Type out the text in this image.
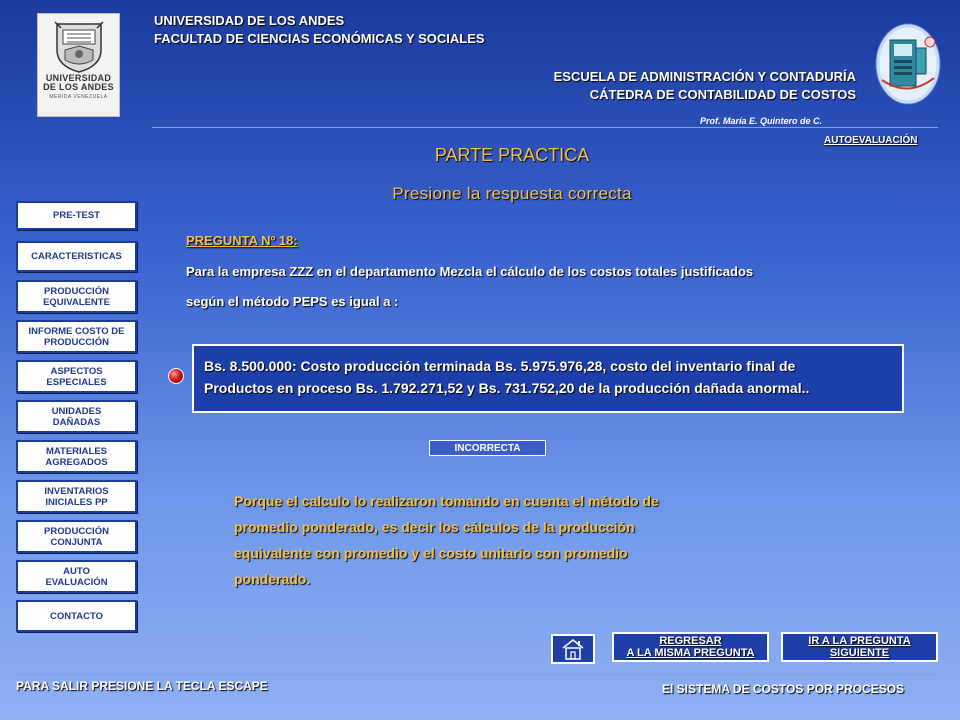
UNIVERSIDAD
DE LOS ANDES
MERIDA VENEZUELA
UNIVERSIDAD DE LOS ANDES
FACULTAD DE CIENCIAS ECONÓMICAS Y SOCIALES
ESCUELA DE ADMINISTRACIÓN Y CONTADURÍA
CÁTEDRA DE CONTABILIDAD DE COSTOS
Prof. María E. Quintero de C.
AUTOEVALUACIÓN
PARTE PRACTICA
Presione la respuesta correcta
PRE-TEST
CARACTERISTICAS
PRODUCCIÓN EQUIVALENTE
INFORME COSTO DE PRODUCCIÓN
ASPECTOS ESPECIALES
UNIDADES DAÑADAS
MATERIALES AGREGADOS
INVENTARIOS INICIALES PP
PRODUCCIÓN CONJUNTA
AUTO EVALUACIÓN
CONTACTO
PREGUNTA Nº 18:
Para la empresa ZZZ en el departamento Mezcla el cálculo de los costos totales justificados
según el método PEPS es igual a :
Bs. 8.500.000: Costo producción terminada Bs. 5.975.976,28, costo del inventario final de
Productos en proceso Bs. 1.792.271,52 y Bs. 731.752,20 de la producción dañada anormal..
INCORRECTA
Porque el calculo lo realizaron tomando en cuenta el método de
promedio ponderado, es decir los cálculos de la producción
equivalente con promedio y el costo unitario con promedio
ponderado.
REGRESAR
A LA MISMA PREGUNTA
IR A LA PREGUNTA
SIGUIENTE
PARA SALIR PRESIONE LA TECLA ESCAPE	El SISTEMA DE COSTOS POR PROCESOS
